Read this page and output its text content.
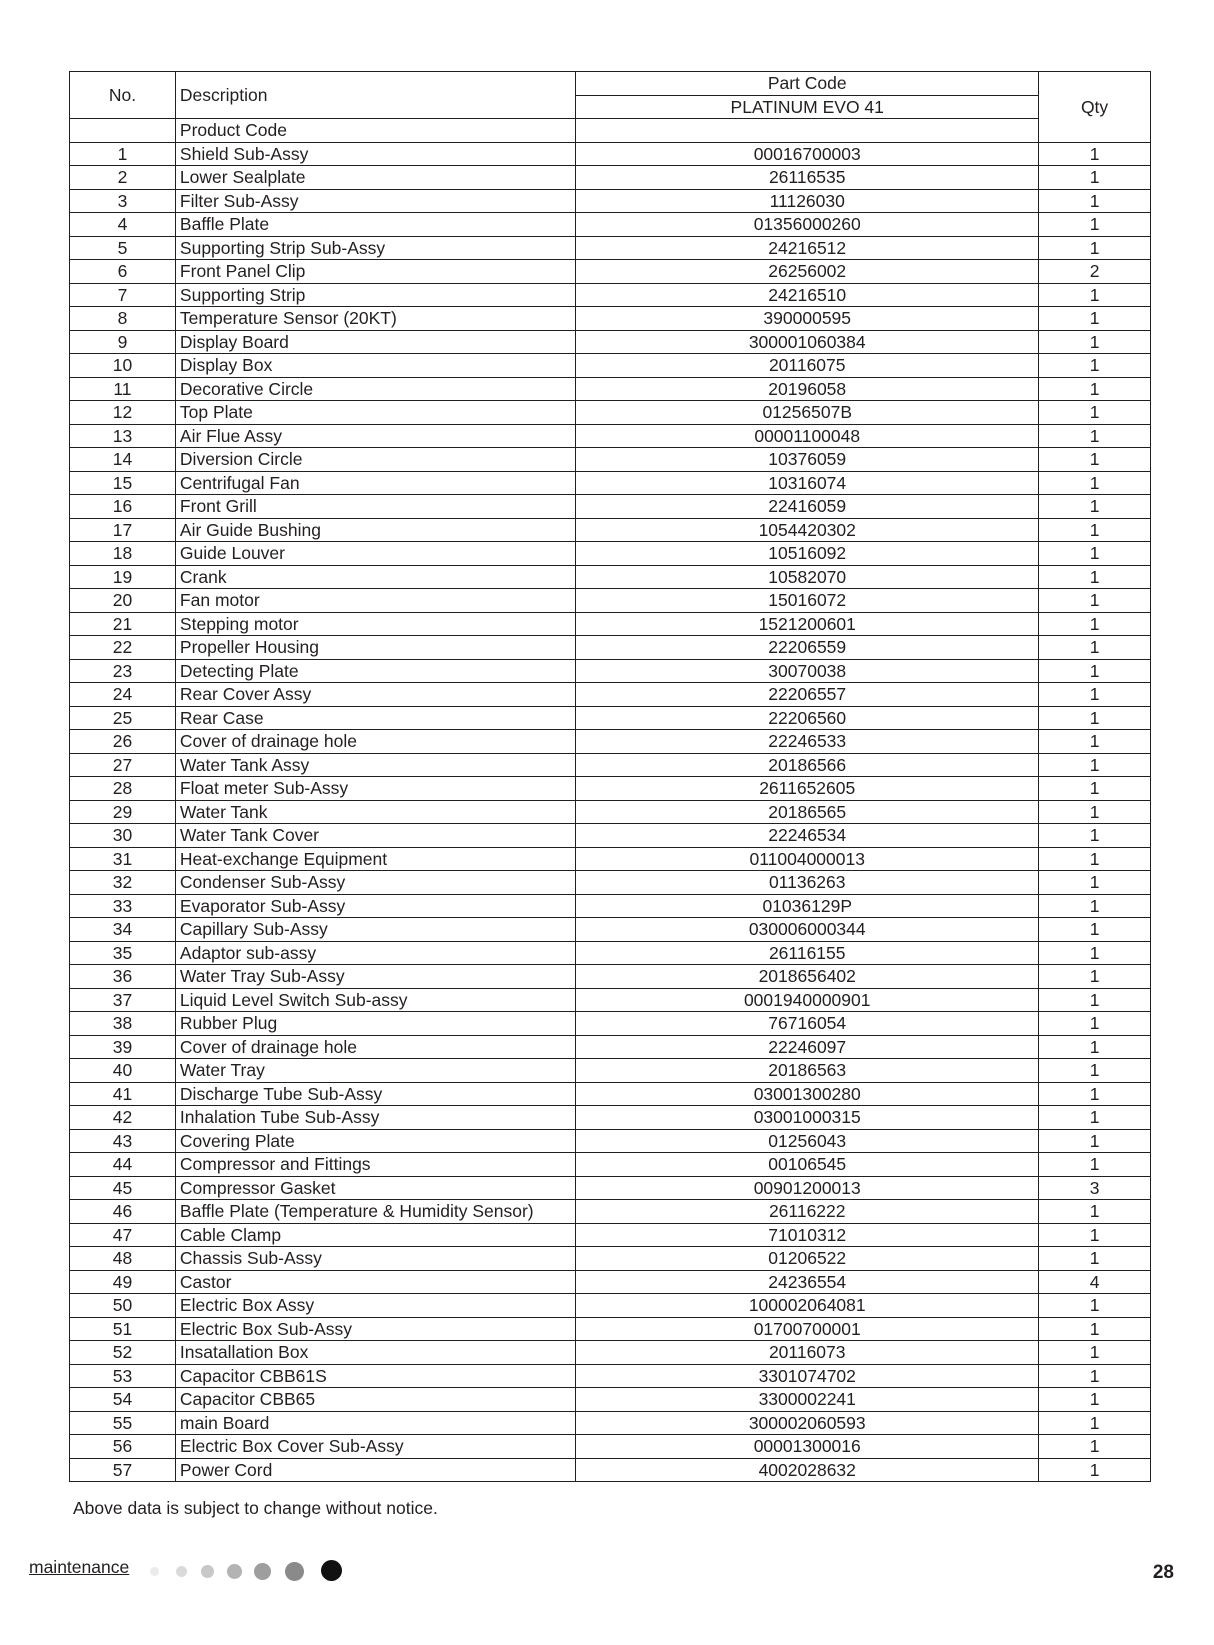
No.	Description	Part Code	Qty
		PLATINUM EVO 41	
	Product Code		
1	Shield Sub-Assy	00016700003	1
2	Lower Sealplate	26116535	1
3	Filter Sub-Assy	11126030	1
4	Baffle Plate	01356000260	1
5	Supporting Strip Sub-Assy	24216512	1
6	Front Panel Clip	26256002	2
7	Supporting Strip	24216510	1
8	Temperature Sensor (20KT)	390000595	1
9	Display Board	300001060384	1
10	Display Box	20116075	1
11	Decorative Circle	20196058	1
12	Top Plate	01256507B	1
13	Air Flue Assy	00001100048	1
14	Diversion Circle	10376059	1
15	Centrifugal Fan	10316074	1
16	Front Grill	22416059	1
17	Air Guide Bushing	1054420302	1
18	Guide Louver	10516092	1
19	Crank	10582070	1
20	Fan motor	15016072	1
21	Stepping motor	1521200601	1
22	Propeller Housing	22206559	1
23	Detecting Plate	30070038	1
24	Rear Cover Assy	22206557	1
25	Rear Case	22206560	1
26	Cover of drainage hole	22246533	1
27	Water Tank Assy	20186566	1
28	Float meter Sub-Assy	2611652605	1
29	Water Tank	20186565	1
30	Water Tank Cover	22246534	1
31	Heat-exchange Equipment	011004000013	1
32	Condenser Sub-Assy	01136263	1
33	Evaporator Sub-Assy	01036129P	1
34	Capillary Sub-Assy	030006000344	1
35	Adaptor sub-assy	26116155	1
36	Water Tray Sub-Assy	2018656402	1
37	Liquid Level Switch Sub-assy	0001940000901	1
38	Rubber Plug	76716054	1
39	Cover of drainage hole	22246097	1
40	Water Tray	20186563	1
41	Discharge Tube Sub-Assy	03001300280	1
42	Inhalation Tube Sub-Assy	03001000315	1
43	Covering Plate	01256043	1
44	Compressor and Fittings	00106545	1
45	Compressor Gasket	00901200013	3
46	Baffle Plate (Temperature & Humidity Sensor)	26116222	1
47	Cable Clamp	71010312	1
48	Chassis Sub-Assy	01206522	1
49	Castor	24236554	4
50	Electric Box Assy	100002064081	1
51	Electric Box Sub-Assy	01700700001	1
52	Insatallation Box	20116073	1
53	Capacitor CBB61S	3301074702	1
54	Capacitor CBB65	3300002241	1
55	main Board	300002060593	1
56	Electric Box Cover Sub-Assy	00001300016	1
57	Power Cord	4002028632	1
Above data is subject to change without notice.
maintenance	28
